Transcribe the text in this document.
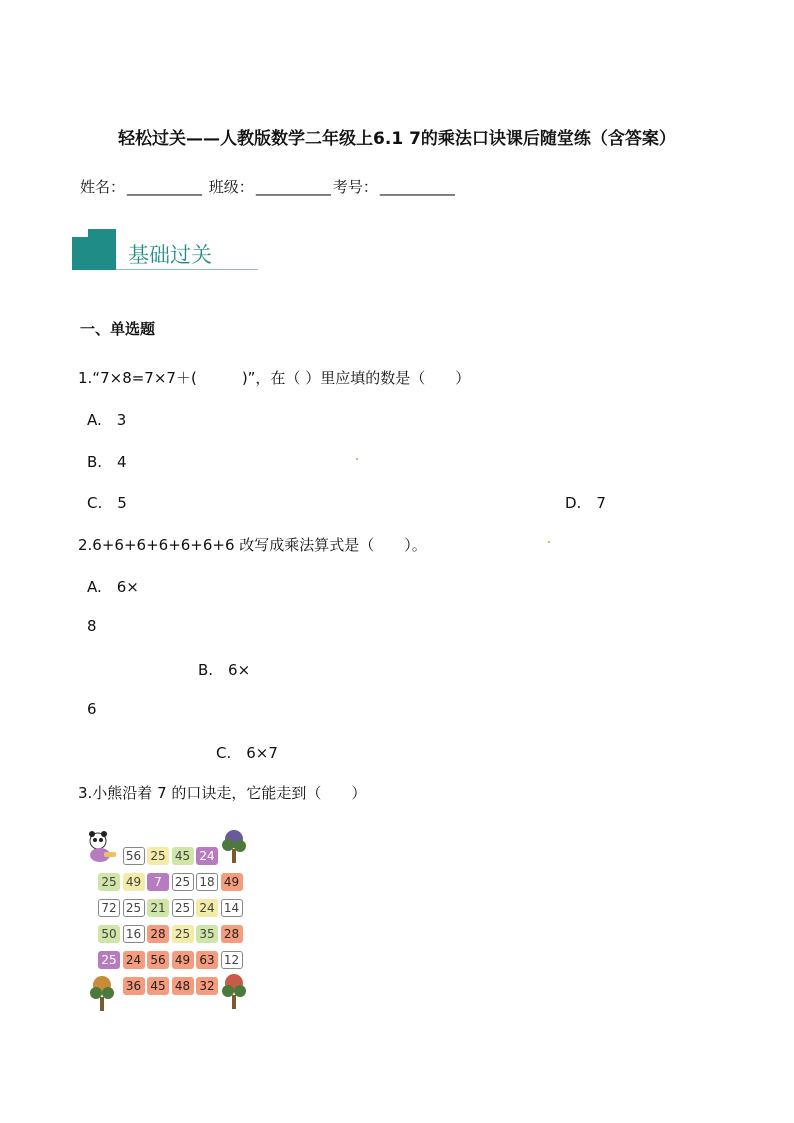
轻松过关——人教版数学二年级上6.1 7的乘法口诀课后随堂练（含答案）
姓名： __________ 班级： __________ 考号： __________
基础过关
一、单选题
1.“7×8=7×7＋(　　　)”，在（ ）里应填的数是（　　）
A.　3
B.　4
C.　5	D.　7
2.6+6+6+6+6+6+6 改写成乘法算式是（　　）。
A.　6×
8
B.　6×
6
C.　6×7
3.小熊沿着 7 的口诀走，它能走到（　　）
56 25 45 24
25 49	7	25 18 49
72 25 21 25 24 14
50 16 28 25 35 28
25 24 56 49 63 12
36 45 48 32
